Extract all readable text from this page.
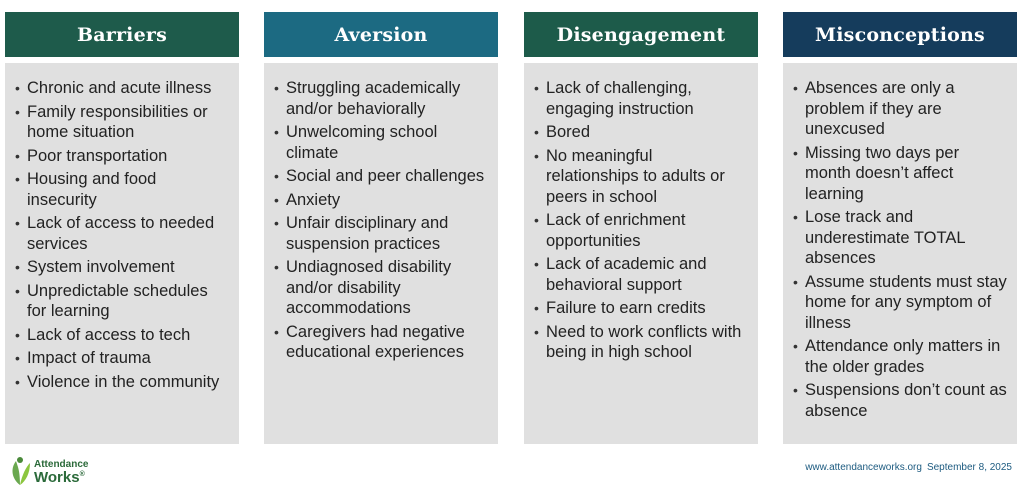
Barriers
• Chronic and acute illness
• Family responsibilities or home situation
• Poor transportation
• Housing and food insecurity
• Lack of access to needed services
• System involvement
• Unpredictable schedules for learning
• Lack of access to tech
• Impact of trauma
• Violence in the community
Aversion
• Struggling academically and/or behaviorally
• Unwelcoming school climate
• Social and peer challenges
• Anxiety
• Unfair disciplinary and suspension practices
• Undiagnosed disability and/or disability accommodations
• Caregivers had negative educational experiences
Disengagement
• Lack of challenging, engaging instruction
• Bored
• No meaningful relationships to adults or peers in school
• Lack of enrichment opportunities
• Lack of academic and behavioral support
• Failure to earn credits
• Need to work conflicts with being in high school
Misconceptions
• Absences are only a problem if they are unexcused
• Missing two days per month doesn’t affect learning
• Lose track and underestimate TOTAL absences
• Assume students must stay home for any symptom of illness
• Attendance only matters in the older grades
• Suspensions don’t count as absence
Attendance
Works®
www.attendanceworks.org September 8, 2025
